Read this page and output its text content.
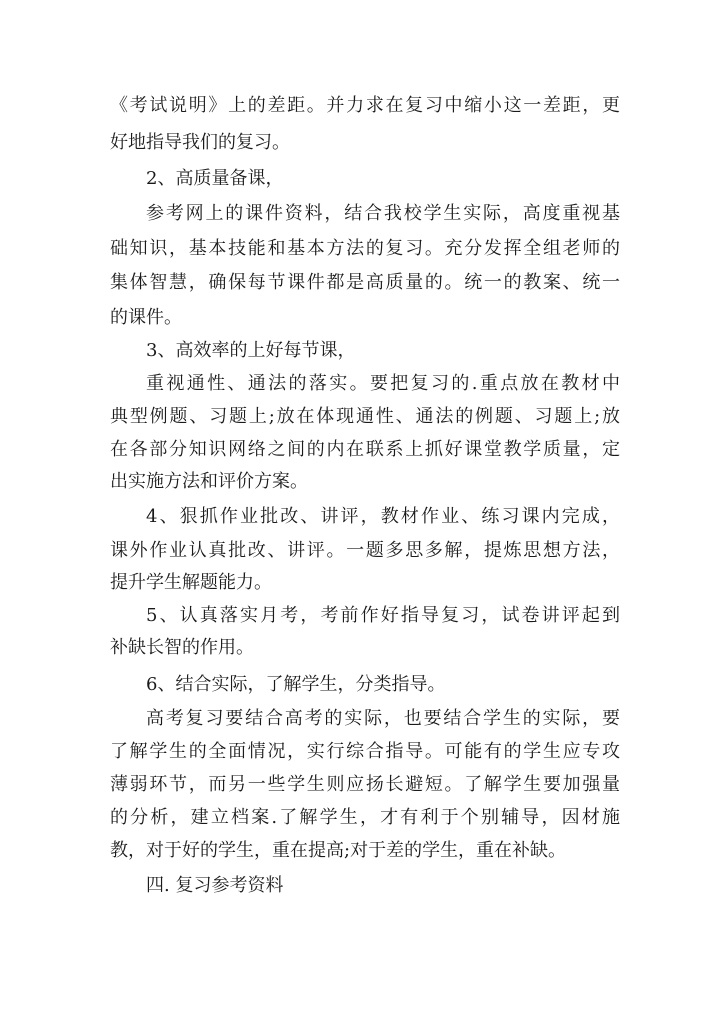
《考试说明》上的差距。并力求在复习中缩小这一差距，更
好地指导我们的复习。
2、高质量备课，
参考网上的课件资料，结合我校学生实际，高度重视基
础知识，基本技能和基本方法的复习。充分发挥全组老师的
集体智慧，确保每节课件都是高质量的。统一的教案、统一
的课件。
3、高效率的上好每节课，
重视通性、通法的落实。要把复习的.重点放在教材中
典型例题、习题上;放在体现通性、通法的例题、习题上;放
在各部分知识网络之间的内在联系上抓好课堂教学质量，定
出实施方法和评价方案。
4、狠抓作业批改、讲评，教材作业、练习课内完成，
课外作业认真批改、讲评。一题多思多解，提炼思想方法，
提升学生解题能力。
5、认真落实月考，考前作好指导复习，试卷讲评起到
补缺长智的作用。
6、结合实际，了解学生，分类指导。
高考复习要结合高考的实际，也要结合学生的实际，要
了解学生的全面情况，实行综合指导。可能有的学生应专攻
薄弱环节，而另一些学生则应扬长避短。了解学生要加强量
的分析，建立档案.了解学生，才有利于个别辅导，因材施
教，对于好的学生，重在提高;对于差的学生，重在补缺。
四. 复习参考资料
